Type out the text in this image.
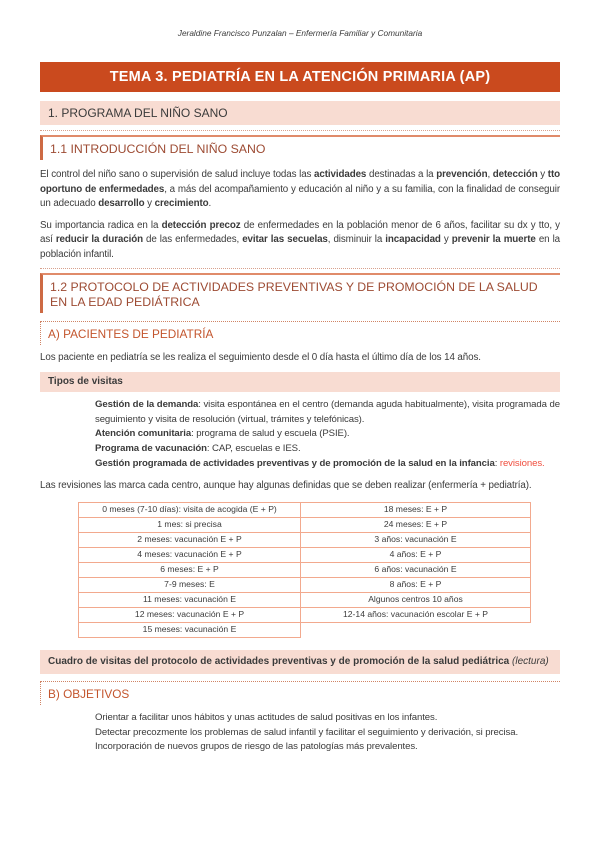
Jeraldine Francisco Punzalan – Enfermería Familiar y Comunitaria
TEMA 3. PEDIATRÍA EN LA ATENCIÓN PRIMARIA (AP)
1. PROGRAMA DEL NIÑO SANO
1.1 INTRODUCCIÓN DEL NIÑO SANO

El control del niño sano o supervisión de salud incluye todas las actividades destinadas a la prevención, detección y tto oportuno de enfermedades, a más del acompañamiento y educación al niño y a su familia, con la finalidad de conseguir un adecuado desarrollo y crecimiento.

Su importancia radica en la detección precoz de enfermedades en la población menor de 6 años, facilitar su dx y tto, y así reducir la duración de las enfermedades, evitar las secuelas, disminuir la incapacidad y prevenir la muerte en la población infantil.

1.2 PROTOCOLO DE ACTIVIDADES PREVENTIVAS Y DE PROMOCIÓN DE LA SALUD EN LA EDAD PEDIÁTRICA
A) PACIENTES DE PEDIATRÍA

Los paciente en pediatría se les realiza el seguimiento desde el 0 día hasta el último día de los 14 años.

Tipos de visitas
Gestión de la demanda: visita espontánea en el centro (demanda aguda habitualmente), visita programada de seguimiento y visita de resolución (virtual, trámites y telefónicas).
Atención comunitaria: programa de salud y escuela (PSIE).
Programa de vacunación: CAP, escuelas e IES.
Gestión programada de actividades preventivas y de promoción de la salud en la infancia: revisiones.

Las revisiones las marca cada centro, aunque hay algunas definidas que se deben realizar (enfermería + pediatría).

0 meses (7-10 días): visita de acogida (E + P)	18 meses: E + P
1 mes: si precisa	24 meses: E + P
2 meses: vacunación E + P	3 años: vacunación E
4 meses: vacunación E + P	4 años: E + P
6 meses: E + P	6 años: vacunación E
7-9 meses: E	8 años: E + P
11 meses: vacunación E	Algunos centros 10 años
12 meses: vacunación E + P	12-14 años: vacunación escolar E + P
15 meses: vacunación E	
Cuadro de visitas del protocolo de actividades preventivas y de promoción de la salud pediátrica (lectura)
B) OBJETIVOS
Orientar a facilitar unos hábitos y unas actitudes de salud positivas en los infantes.
Detectar precozmente los problemas de salud infantil y facilitar el seguimiento y derivación, si precisa.
Incorporación de nuevos grupos de riesgo de las patologías más prevalentes.
